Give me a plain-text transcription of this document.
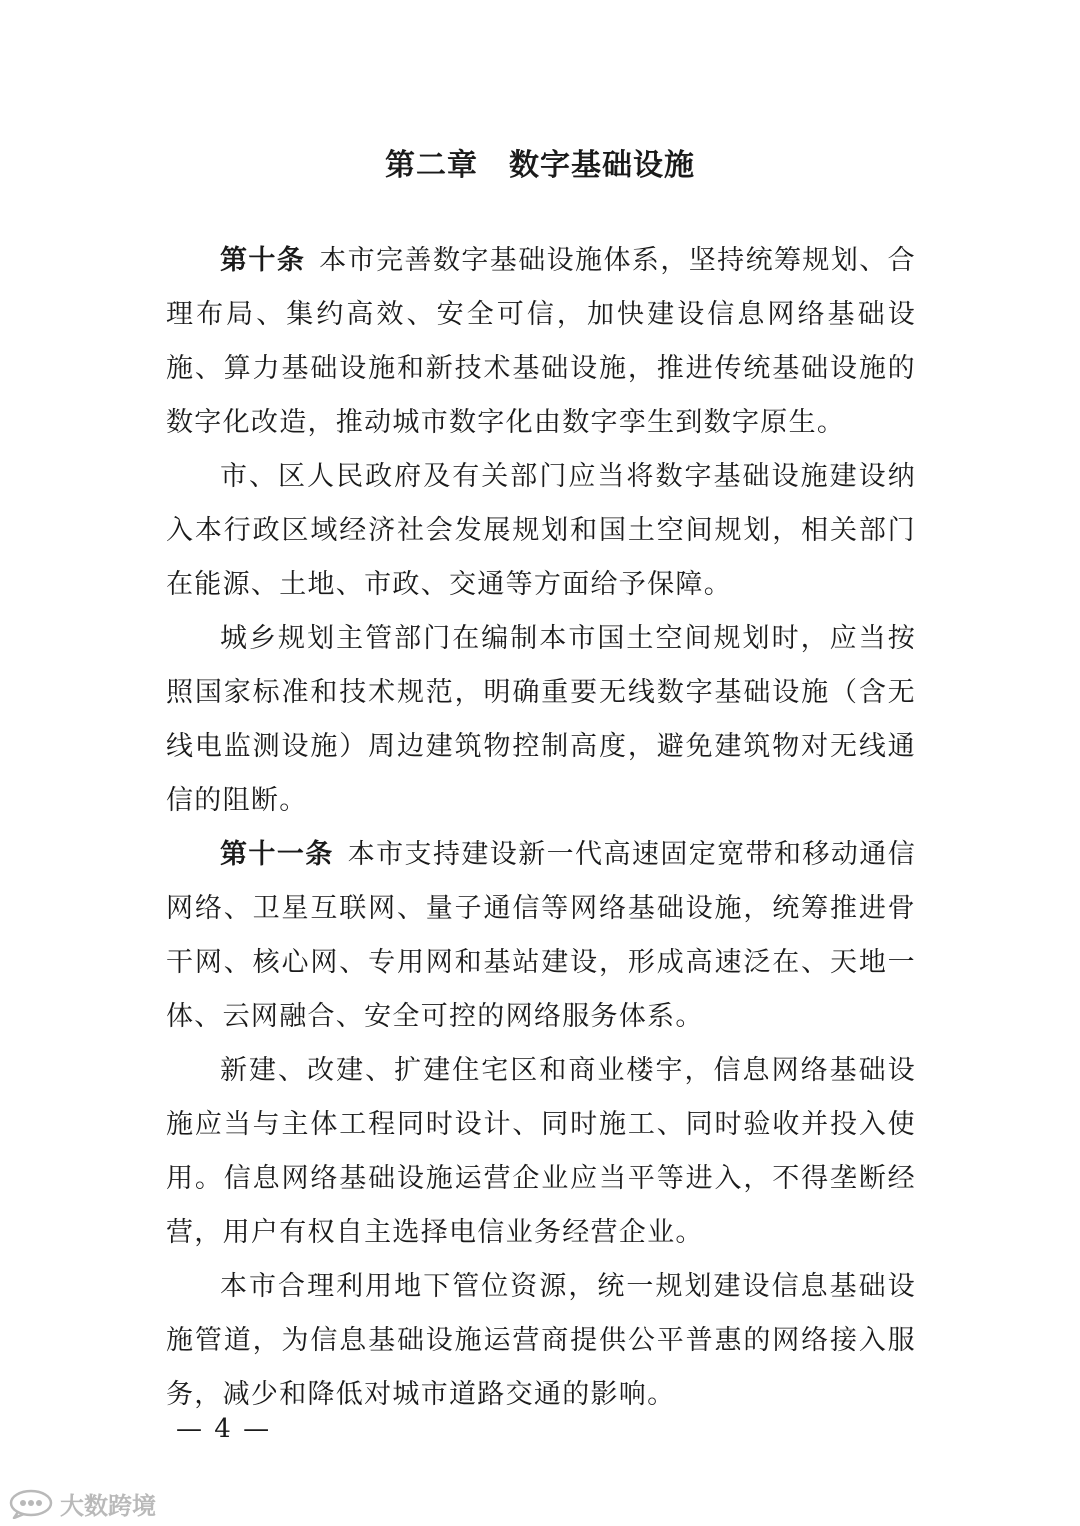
第二章　数字基础设施

第十条 本市完善数字基础设施体系，坚持统筹规划、合理布局、集约高效、安全可信，加快建设信息网络基础设施、算力基础设施和新技术基础设施，推进传统基础设施的数字化改造，推动城市数字化由数字孪生到数字原生。

市、区人民政府及有关部门应当将数字基础设施建设纳入本行政区域经济社会发展规划和国土空间规划，相关部门在能源、土地、市政、交通等方面给予保障。

城乡规划主管部门在编制本市国土空间规划时，应当按照国家标准和技术规范，明确重要无线数字基础设施（含无线电监测设施）周边建筑物控制高度，避免建筑物对无线通信的阻断。

第十一条 本市支持建设新一代高速固定宽带和移动通信网络、卫星互联网、量子通信等网络基础设施，统筹推进骨干网、核心网、专用网和基站建设，形成高速泛在、天地一体、云网融合、安全可控的网络服务体系。

新建、改建、扩建住宅区和商业楼宇，信息网络基础设施应当与主体工程同时设计、同时施工、同时验收并投入使用。信息网络基础设施运营企业应当平等进入，不得垄断经营，用户有权自主选择电信业务经营企业。

本市合理利用地下管位资源，统一规划建设信息基础设施管道，为信息基础设施运营商提供公平普惠的网络接入服务，减少和降低对城市道路交通的影响。

— 4 —
大数跨境
